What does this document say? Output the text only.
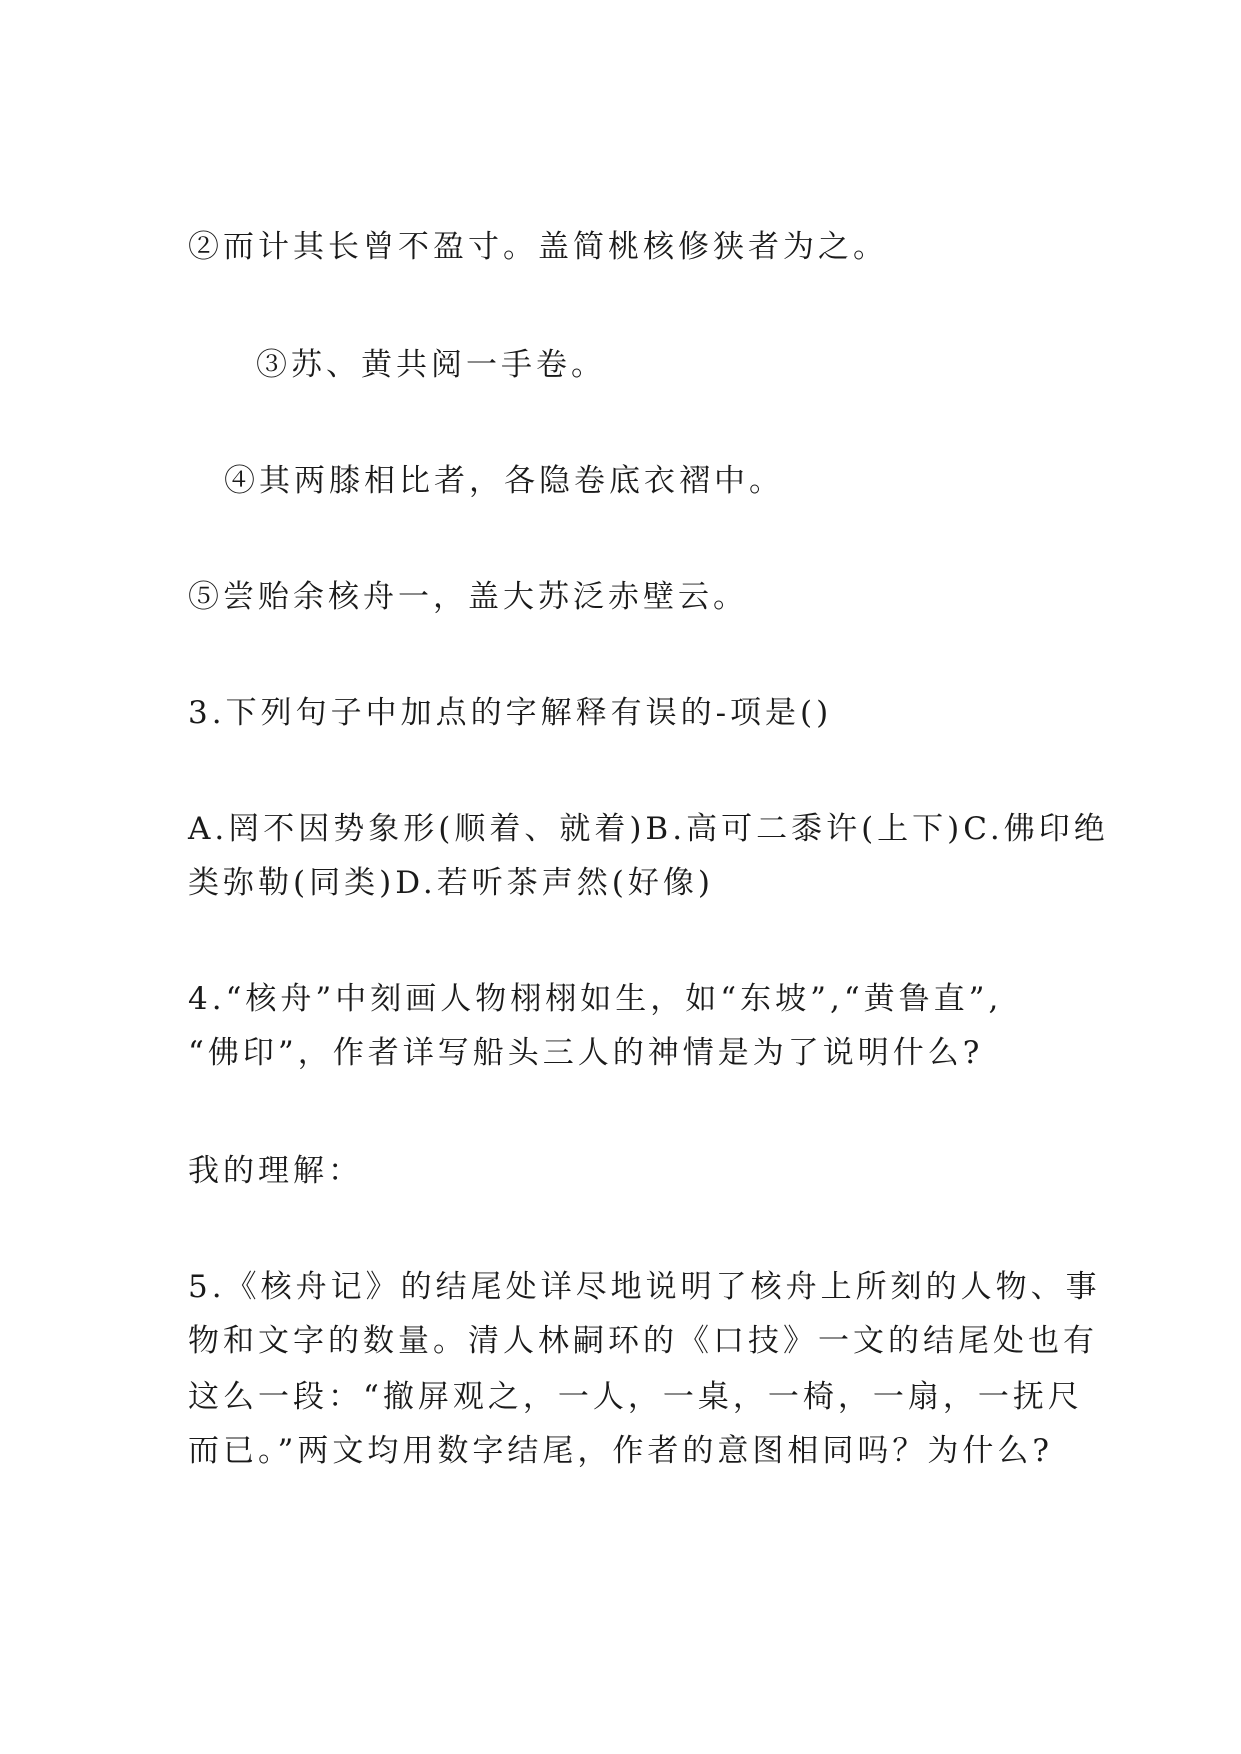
②而计其长曾不盈寸。盖简桃核修狭者为之。
③苏、黄共阅一手卷。
④其两膝相比者，各隐卷底衣褶中。
⑤尝贻余核舟一，盖大苏泛赤壁云。
3.下列句子中加点的字解释有误的-项是()
A.罔不因势象形(顺着、就着)B.高可二黍许(上下)C.佛印绝
类弥勒(同类)D.若听茶声然(好像)
4.“核舟”中刻画人物栩栩如生，如“东坡”,“黄鲁直”,
“佛印”，作者详写船头三人的神情是为了说明什么?
我的理解：
5.《核舟记》的结尾处详尽地说明了核舟上所刻的人物、事
物和文字的数量。清人林嗣环的《口技》一文的结尾处也有
这么一段：“撤屏观之，一人，一桌，一椅，一扇，一抚尺
而已。”两文均用数字结尾，作者的意图相同吗？为什么?
